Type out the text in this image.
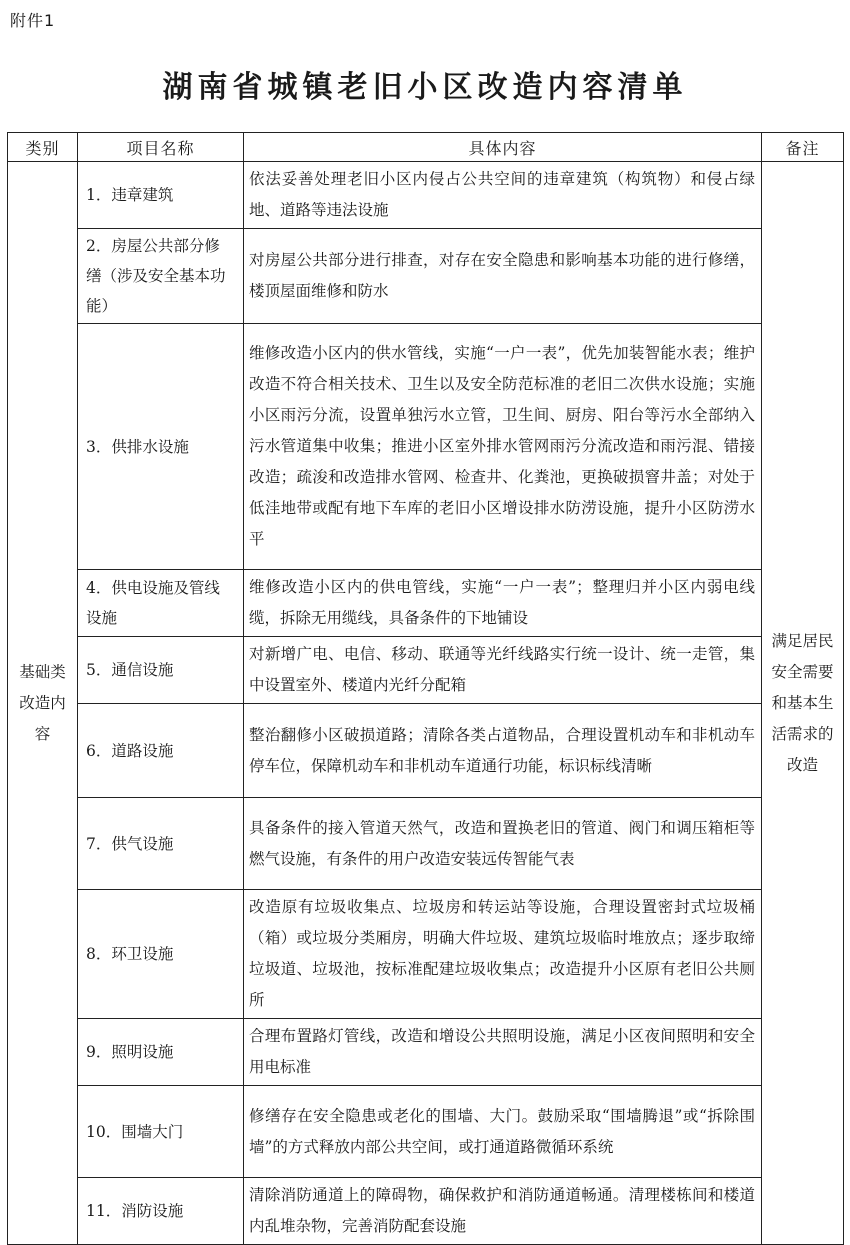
附件1
湖南省城镇老旧小区改造内容清单
类别	项目名称	具体内容	备注
基础类改造内容	1．违章建筑	依法妥善处理老旧小区内侵占公共空间的违章建筑（构筑物）和侵占绿地、道路等违法设施	满足居民安全需要和基本生活需求的改造
	2．房屋公共部分修缮（涉及安全基本功能）	对房屋公共部分进行排查，对存在安全隐患和影响基本功能的进行修缮，楼顶屋面维修和防水	
	3．供排水设施	维修改造小区内的供水管线，实施“一户一表”，优先加装智能水表；维护改造不符合相关技术、卫生以及安全防范标准的老旧二次供水设施；实施小区雨污分流，设置单独污水立管，卫生间、厨房、阳台等污水全部纳入污水管道集中收集；推进小区室外排水管网雨污分流改造和雨污混、错接改造；疏浚和改造排水管网、检查井、化粪池，更换破损窨井盖；对处于低洼地带或配有地下车库的老旧小区增设排水防涝设施，提升小区防涝水平	
	4．供电设施及管线设施	维修改造小区内的供电管线，实施“一户一表”；整理归并小区内弱电线缆，拆除无用缆线，具备条件的下地铺设	
	5．通信设施	对新增广电、电信、移动、联通等光纤线路实行统一设计、统一走管，集中设置室外、楼道内光纤分配箱	
	6．道路设施	整治翻修小区破损道路；清除各类占道物品，合理设置机动车和非机动车停车位，保障机动车和非机动车道通行功能，标识标线清晰	
	7．供气设施	具备条件的接入管道天然气，改造和置换老旧的管道、阀门和调压箱柜等燃气设施，有条件的用户改造安装远传智能气表	
	8．环卫设施	改造原有垃圾收集点、垃圾房和转运站等设施，合理设置密封式垃圾桶（箱）或垃圾分类厢房，明确大件垃圾、建筑垃圾临时堆放点；逐步取缔垃圾道、垃圾池，按标准配建垃圾收集点；改造提升小区原有老旧公共厕所	
	9．照明设施	合理布置路灯管线，改造和增设公共照明设施，满足小区夜间照明和安全用电标准	
	10．围墙大门	修缮存在安全隐患或老化的围墙、大门。鼓励采取“围墙腾退”或“拆除围墙”的方式释放内部公共空间，或打通道路微循环系统	
	11．消防设施	清除消防通道上的障碍物，确保救护和消防通道畅通。清理楼栋间和楼道内乱堆杂物，完善消防配套设施	
